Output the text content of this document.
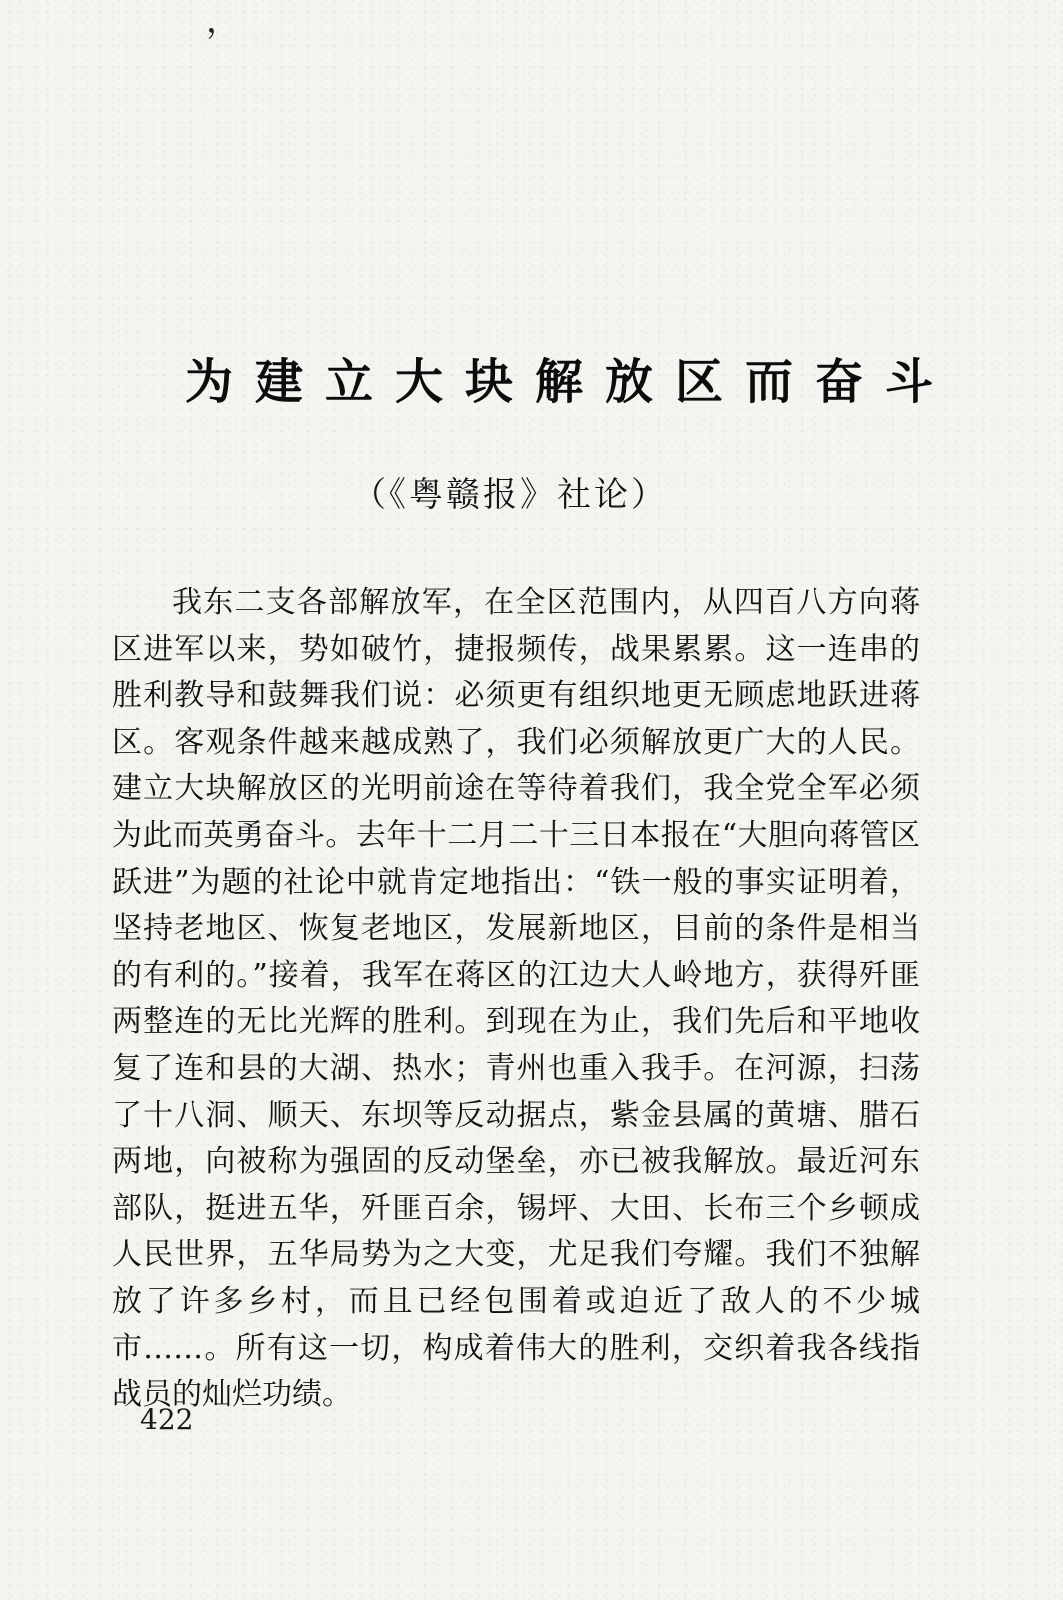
，
为建立大块解放区而奋斗
（《粤赣报》社论）

我东二支各部解放军，在全区范围内，从四百八方向蒋区进军以来，势如破竹，捷报频传，战果累累。这一连串的胜利教导和鼓舞我们说：必须更有组织地更无顾虑地跃进蒋区。客观条件越来越成熟了，我们必须解放更广大的人民。建立大块解放区的光明前途在等待着我们，我全党全军必须为此而英勇奋斗。去年十二月二十三日本报在“大胆向蒋管区跃进”为题的社论中就肯定地指出：“铁一般的事实证明着，坚持老地区、恢复老地区，发展新地区，目前的条件是相当的有利的。”接着，我军在蒋区的江边大人岭地方，获得歼匪两整连的无比光辉的胜利。到现在为止，我们先后和平地收复了连和县的大湖、热水；青州也重入我手。在河源，扫荡了十八洞、顺天、东坝等反动据点，紫金县属的黄塘、腊石两地，向被称为强固的反动堡垒，亦已被我解放。最近河东部队，挺进五华，歼匪百余，锡坪、大田、长布三个乡顿成人民世界，五华局势为之大变，尤足我们夸耀。我们不独解放了许多乡村，而且已经包围着或迫近了敌人的不少城市……。所有这一切，构成着伟大的胜利，交织着我各线指战员的灿烂功绩。

422
